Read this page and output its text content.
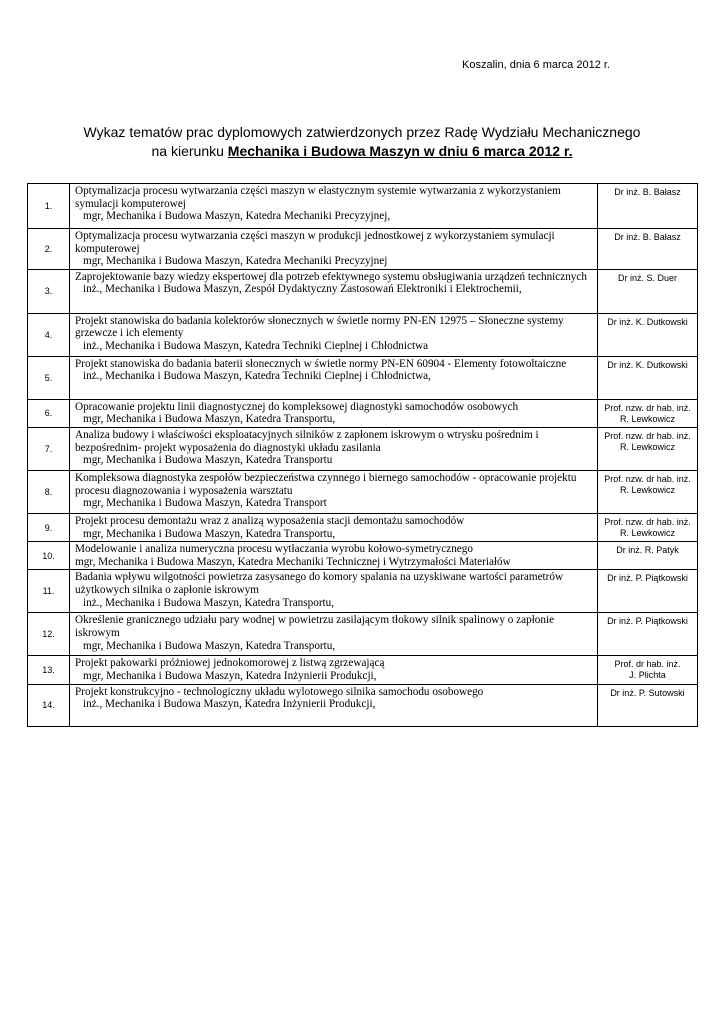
Koszalin, dnia 6 marca 2012 r.
Wykaz tematów prac dyplomowych zatwierdzonych przez Radę Wydziału Mechanicznego
na kierunku Mechanika i Budowa Maszyn w dniu 6 marca 2012 r.
1.	Optymalizacja procesu wytwarzania części maszyn w elastycznym systemie wytwarzania z wykorzystaniem symulacji komputerowej
mgr, Mechanika i Budowa Maszyn, Katedra Mechaniki Precyzyjnej,	Dr inż. B. Bałasz

2.	Optymalizacja procesu wytwarzania części maszyn w produkcji jednostkowej z wykorzystaniem symulacji komputerowej
mgr, Mechanika i Budowa Maszyn, Katedra Mechaniki Precyzyjnej	Dr inż. B. Bałasz

3.	Zaprojektowanie bazy wiedzy ekspertowej dla potrzeb efektywnego systemu obsługiwania urządzeń technicznych
inż., Mechanika i Budowa Maszyn, Zespół Dydaktyczny Zastosowań Elektroniki i Elektrochemii,	Dr inż. S. Duer

4.	Projekt stanowiska do badania kolektorów słonecznych w świetle normy PN-EN 12975 – Słoneczne systemy grzewcze i ich elementy
inż., Mechanika i Budowa Maszyn, Katedra Techniki Cieplnej i Chłodnictwa	Dr inż. K. Dutkowski

5.	Projekt stanowiska do badania baterii słonecznych w świetle normy PN-EN 60904 - Elementy fotowoltaiczne
inż., Mechanika i Budowa Maszyn, Katedra Techniki Cieplnej i Chłodnictwa,	Dr inż. K. Dutkowski

6.	Opracowanie projektu linii diagnostycznej do kompleksowej diagnostyki samochodów osobowych
mgr, Mechanika i Budowa Maszyn, Katedra Transportu,	Prof. nzw. dr hab. inż.
R. Lewkowicz

7.	Analiza budowy i właściwości eksploatacyjnych silników z zapłonem iskrowym o wtrysku pośrednim i bezpośrednim- projekt wyposażenia do diagnostyki układu zasilania
mgr, Mechanika i Budowa Maszyn, Katedra Transportu	Prof. nzw. dr hab. inż.
R. Lewkowicz

8.	Kompleksowa diagnostyka zespołów bezpieczeństwa czynnego i biernego samochodów - opracowanie projektu procesu diagnozowania i wyposażenia warsztatu
mgr, Mechanika i Budowa Maszyn, Katedra Transport	Prof. nzw. dr hab. inż.
R. Lewkowicz

9.	Projekt procesu demontażu wraz z analizą wyposażenia stacji demontażu samochodów
mgr, Mechanika i Budowa Maszyn, Katedra Transportu,	Prof. nzw. dr hab. inż.
R. Lewkowicz

10.	Modelowanie i analiza numeryczna procesu wytłaczania wyrobu kołowo-symetrycznego
mgr, Mechanika i Budowa Maszyn, Katedra Mechaniki Technicznej i Wytrzymałości Materiałów	Dr inż. R. Patyk

11.	Badania wpływu wilgotności powietrza zasysanego do komory spalania na uzyskiwane wartości parametrów użytkowych silnika o zapłonie iskrowym
inż., Mechanika i Budowa Maszyn, Katedra Transportu,	Dr inż. P. Piątkowski

12.	Określenie granicznego udziału pary wodnej w powietrzu zasilającym tłokowy silnik spalinowy o zapłonie iskrowym
mgr, Mechanika i Budowa Maszyn, Katedra Transportu,	Dr inż. P. Piątkowski

13.	Projekt pakowarki próżniowej jednokomorowej z listwą zgrzewającą
mgr, Mechanika i Budowa Maszyn, Katedra Inżynierii Produkcji,	Prof. dr hab. inż.
J. Plichta

14.	Projekt konstrukcyjno - technologiczny układu wylotowego silnika samochodu osobowego
inż., Mechanika i Budowa Maszyn, Katedra Inżynierii Produkcji,	Dr inż. P. Sutowski
